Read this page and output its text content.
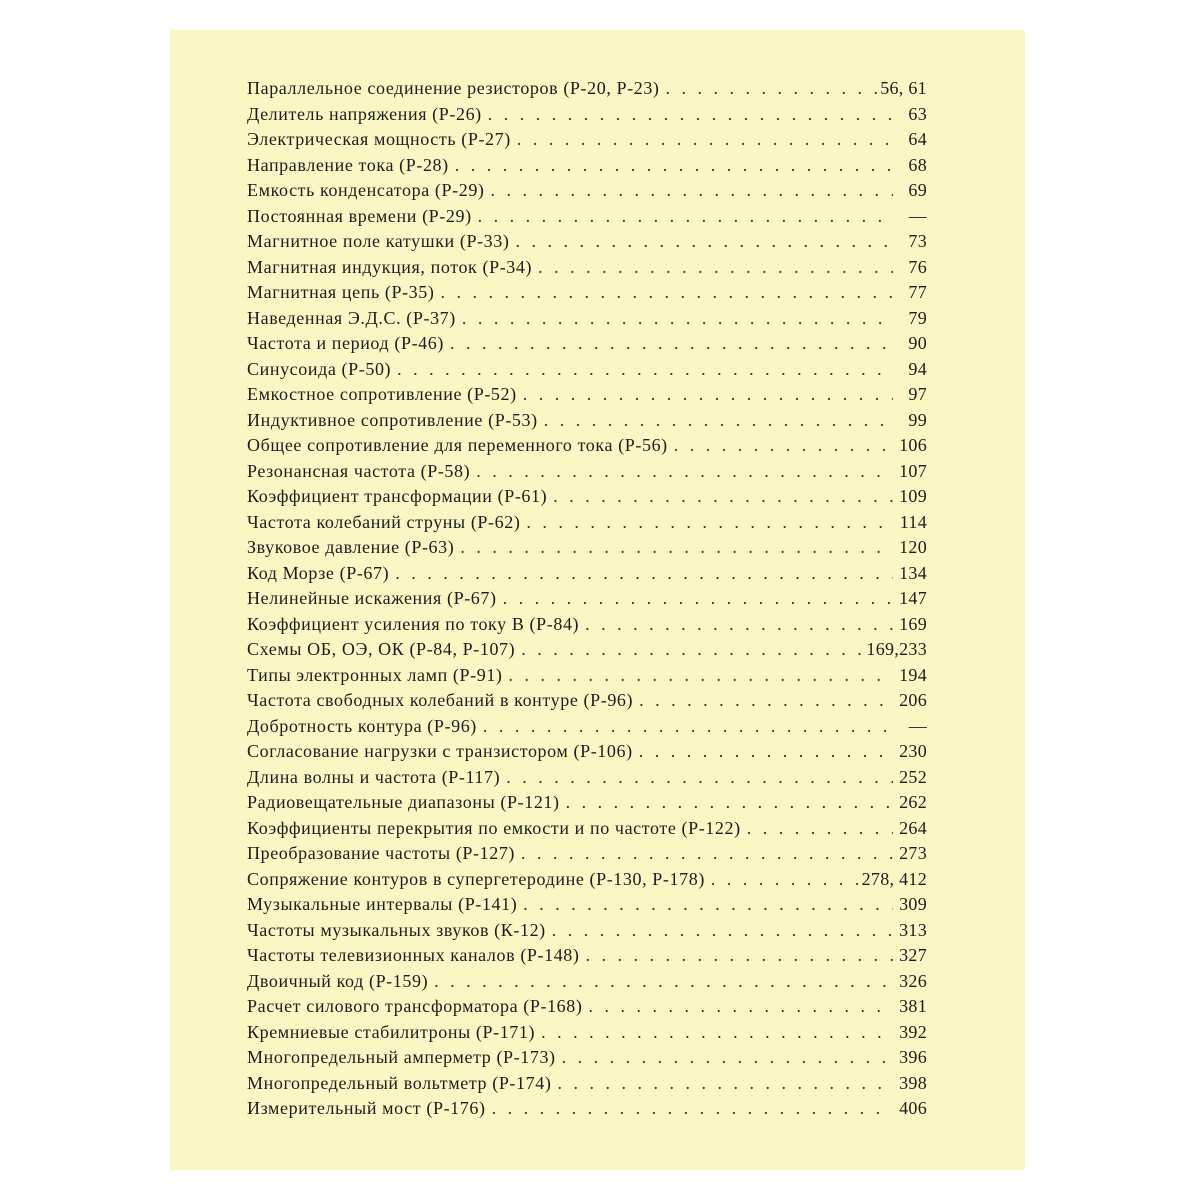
Параллельное соединение резисторов (Р-20, Р-23) . . .	56, 61
Делитель напряжения (Р-26) . . .	63
Электрическая мощность (Р-27) . . .	64
Направление тока (Р-28) . . .	68
Емкость конденсатора (Р-29) . . .	69
Постоянная времени (Р-29) . . .	—
Магнитное поле катушки (Р-33) . . .	73
Магнитная индукция, поток (Р-34) . . .	76
Магнитная цепь (Р-35) . . .	77
Наведенная Э.Д.С. (Р-37) . . .	79
Частота и период (Р-46) . . .	90
Синусоида (Р-50) . . .	94
Емкостное сопротивление (Р-52) . . .	97
Индуктивное сопротивление (Р-53) . . .	99
Общее сопротивление для переменного тока (Р-56) . . .	106
Резонансная частота (Р-58) . . .	107
Коэффициент трансформации (Р-61) . . .	109
Частота колебаний струны (Р-62) . . .	114
Звуковое давление (Р-63) . . .	120
Код Морзе (Р-67) . . .	134
Нелинейные искажения (Р-67) . . .	147
Коэффициент усиления по току В (Р-84) . . .	169
Схемы ОБ, ОЭ, ОК (Р-84, Р-107) . . .	169,233
Типы электронных ламп (Р-91) . . .	194
Частота свободных колебаний в контуре (Р-96) . . .	206
Добротность контура (Р-96) . . .	—
Согласование нагрузки с транзистором (Р-106) . . .	230
Длина волны и частота (Р-117) . . .	252
Радиовещательные диапазоны (Р-121) . . .	262
Коэффициенты перекрытия по емкости и по частоте (Р-122) . . .	264
Преобразование частоты (Р-127) . . .	273
Сопряжение контуров в супергетеродине (Р-130, Р-178) . . .	278, 412
Музыкальные интервалы (Р-141) . . .	309
Частоты музыкальных звуков (К-12) . . .	313
Частоты телевизионных каналов (Р-148) . . .	327
Двоичный код (Р-159) . . .	326
Расчет силового трансформатора (Р-168) . . .	381
Кремниевые стабилитроны (Р-171) . . .	392
Многопредельный амперметр (Р-173) . . .	396
Многопредельный вольтметр (Р-174) . . .	398
Измерительный мост (Р-176) . . .	406
